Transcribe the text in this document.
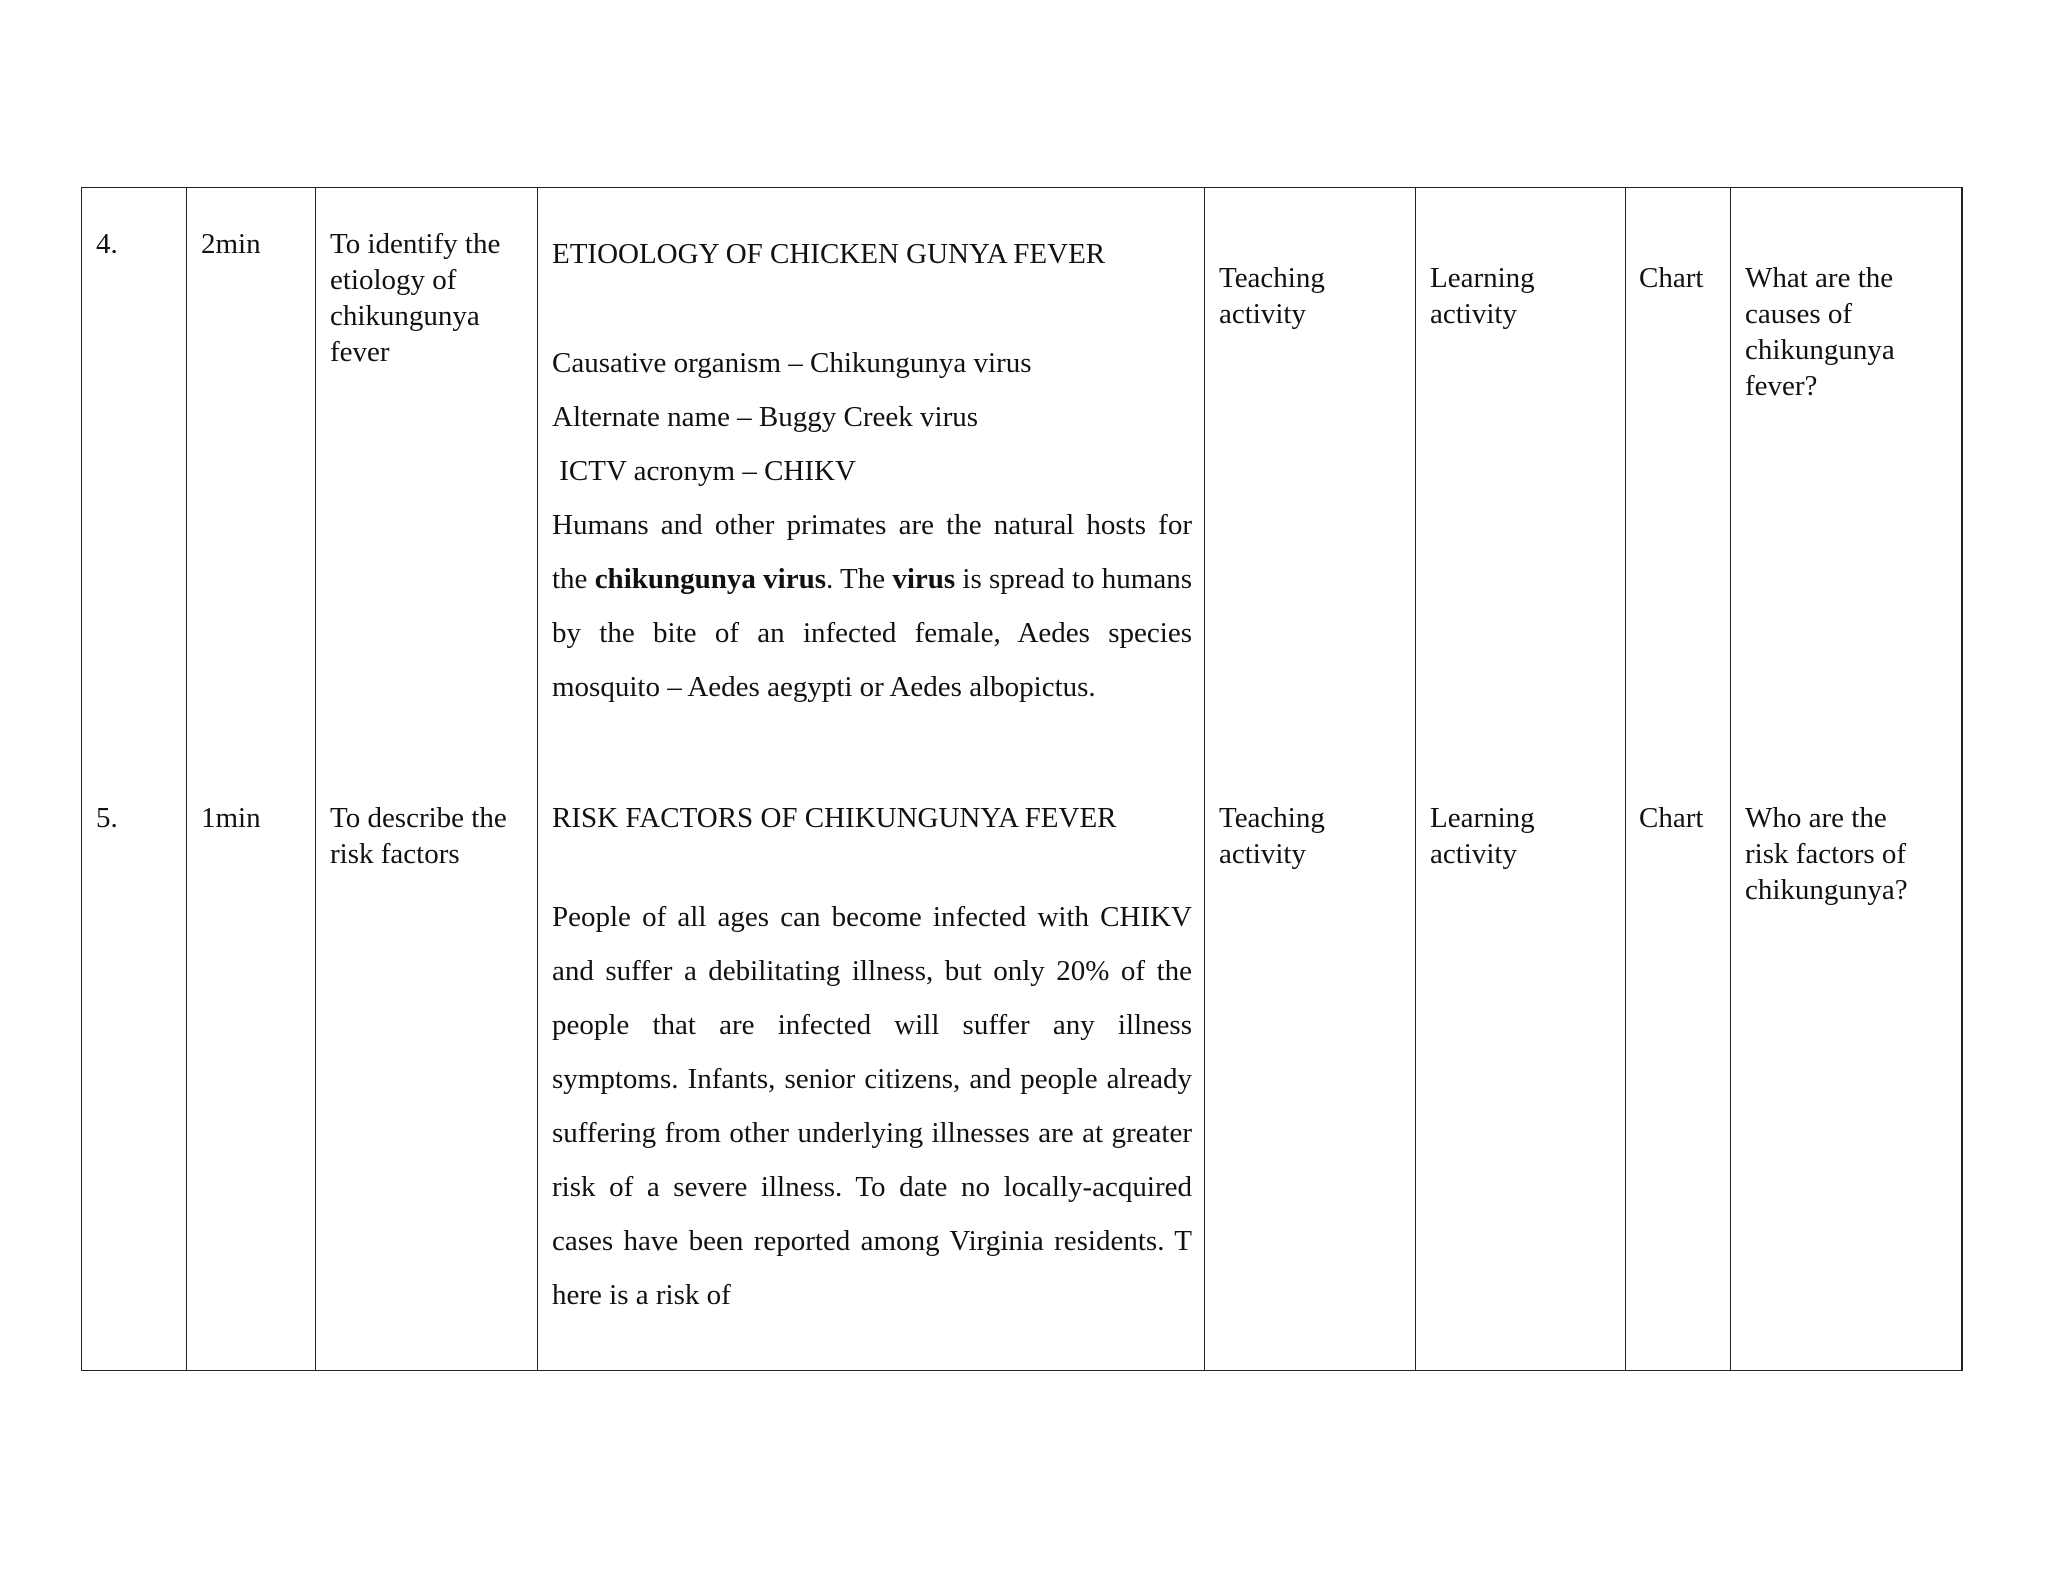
4.	2min To identify the
etiology of
chikungunya
fever

ETIOOLOGY OF CHICKEN GUNYA FEVER

Causative organism – Chikungunya virus

Alternate name – Buggy Creek virus

ICTV acronym – CHIKV

Humans and other primates are the natural hosts for the chikungunya virus. The virus is spread to humans by the bite of an infected female, Aedes species mosquito – Aedes aegypti or Aedes albopictus.

Teaching
activity
Learning
activity
Chart What are the
causes of
chikungunya
fever?
5.	1min To describe the
risk factors

RISK FACTORS OF CHIKUNGUNYA FEVER

People of all ages can become infected with CHIKV and suffer a debilitating illness, but only 20% of the people that are infected will suffer any illness symptoms. Infants, senior citizens, and people already suffering from other underlying illnesses are at greater risk of a severe illness. To date no locally-acquired cases have been reported among Virginia residents. T here is a risk of

Teaching
activity
Learning
activity
Chart Who are the
risk factors of
chikungunya?
